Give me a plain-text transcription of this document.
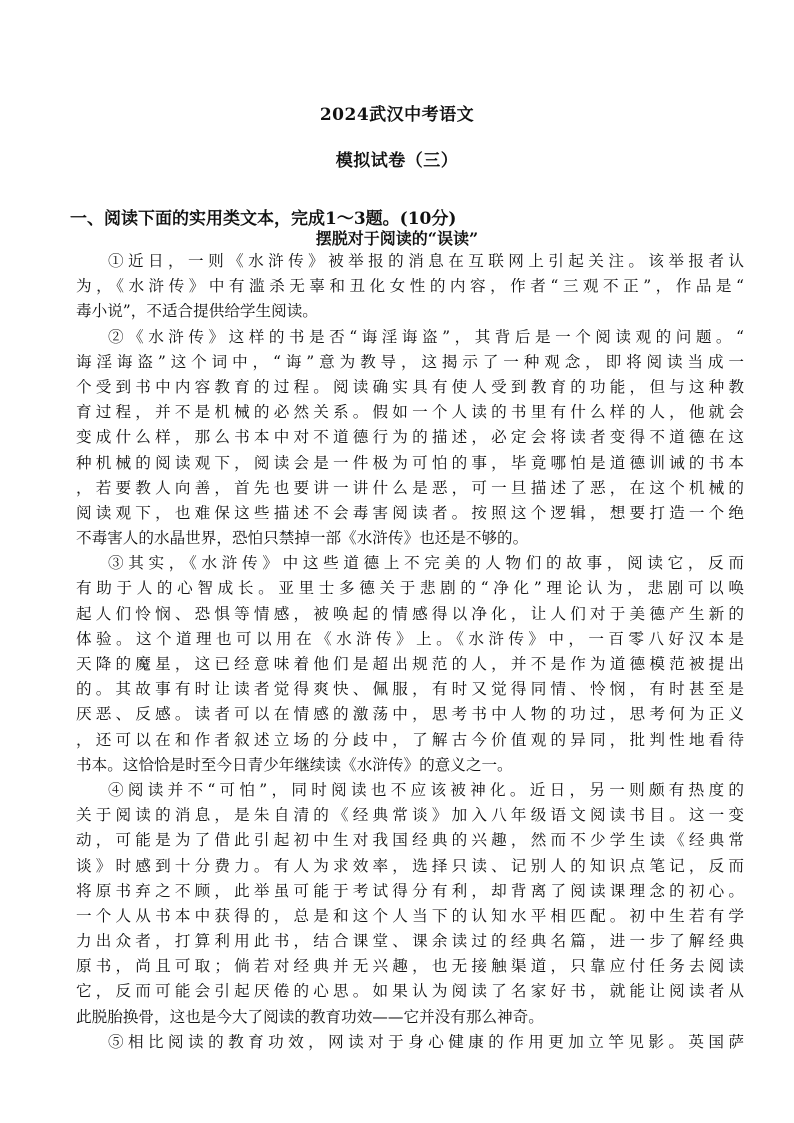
2024武汉中考语文
模拟试卷（三）
一、阅读下面的实用类文本，完成1～3题。(10分)
摆脱对于阅读的“误读”
①近日，一则《水浒传》被举报的消息在互联网上引起关注。该举报者认
为，《水浒传》中有滥杀无辜和丑化女性的内容，作者“三观不正”，作品是“
毒小说”，不适合提供给学生阅读。
②《水浒传》这样的书是否“诲淫诲盗”，其背后是一个阅读观的问题。“
诲淫诲盗”这个词中，“诲”意为教导，这揭示了一种观念，即将阅读当成一
个受到书中内容教育的过程。阅读确实具有使人受到教育的功能，但与这种教
育过程，并不是机械的必然关系。假如一个人读的书里有什么样的人，他就会
变成什么样，那么书本中对不道德行为的描述，必定会将读者变得不道德在这
种机械的阅读观下，阅读会是一件极为可怕的事，毕竟哪怕是道德训诫的书本
，若要教人向善，首先也要讲一讲什么是恶，可一旦描述了恶，在这个机械的
阅读观下，也难保这些描述不会毒害阅读者。按照这个逻辑，想要打造一个绝
不毒害人的水晶世界，恐怕只禁掉一部《水浒传》也还是不够的。
③其实，《水浒传》中这些道德上不完美的人物们的故事，阅读它，反而
有助于人的心智成长。亚里士多德关于悲剧的“净化”理论认为，悲剧可以唤
起人们怜悯、恐惧等情感，被唤起的情感得以净化，让人们对于美德产生新的
体验。这个道理也可以用在《水浒传》上。《水浒传》中，一百零八好汉本是
天降的魔星，这已经意味着他们是超出规范的人，并不是作为道德模范被提出
的。其故事有时让读者觉得爽快、佩服，有时又觉得同情、怜悯，有时甚至是
厌恶、反感。读者可以在情感的激荡中，思考书中人物的功过，思考何为正义
，还可以在和作者叙述立场的分歧中，了解古今价值观的异同，批判性地看待
书本。这恰恰是时至今日青少年继续读《水浒传》的意义之一。
④阅读并不“可怕”，同时阅读也不应该被神化。近日，另一则颇有热度的
关于阅读的消息，是朱自清的《经典常谈》加入八年级语文阅读书目。这一变
动，可能是为了借此引起初中生对我国经典的兴趣，然而不少学生读《经典常
谈》时感到十分费力。有人为求效率，选择只读、记别人的知识点笔记，反而
将原书弃之不顾，此举虽可能于考试得分有利，却背离了阅读课理念的初心。
一个人从书本中获得的，总是和这个人当下的认知水平相匹配。初中生若有学
力出众者，打算利用此书，结合课堂、课余读过的经典名篇，进一步了解经典
原书，尚且可取；倘若对经典并无兴趣，也无接触渠道，只靠应付任务去阅读
它，反而可能会引起厌倦的心思。如果认为阅读了名家好书，就能让阅读者从
此脱胎换骨，这也是今大了阅读的教育功效——它并没有那么神奇。
⑤相比阅读的教育功效，网读对于身心健康的作用更加立竿见影。英国萨
